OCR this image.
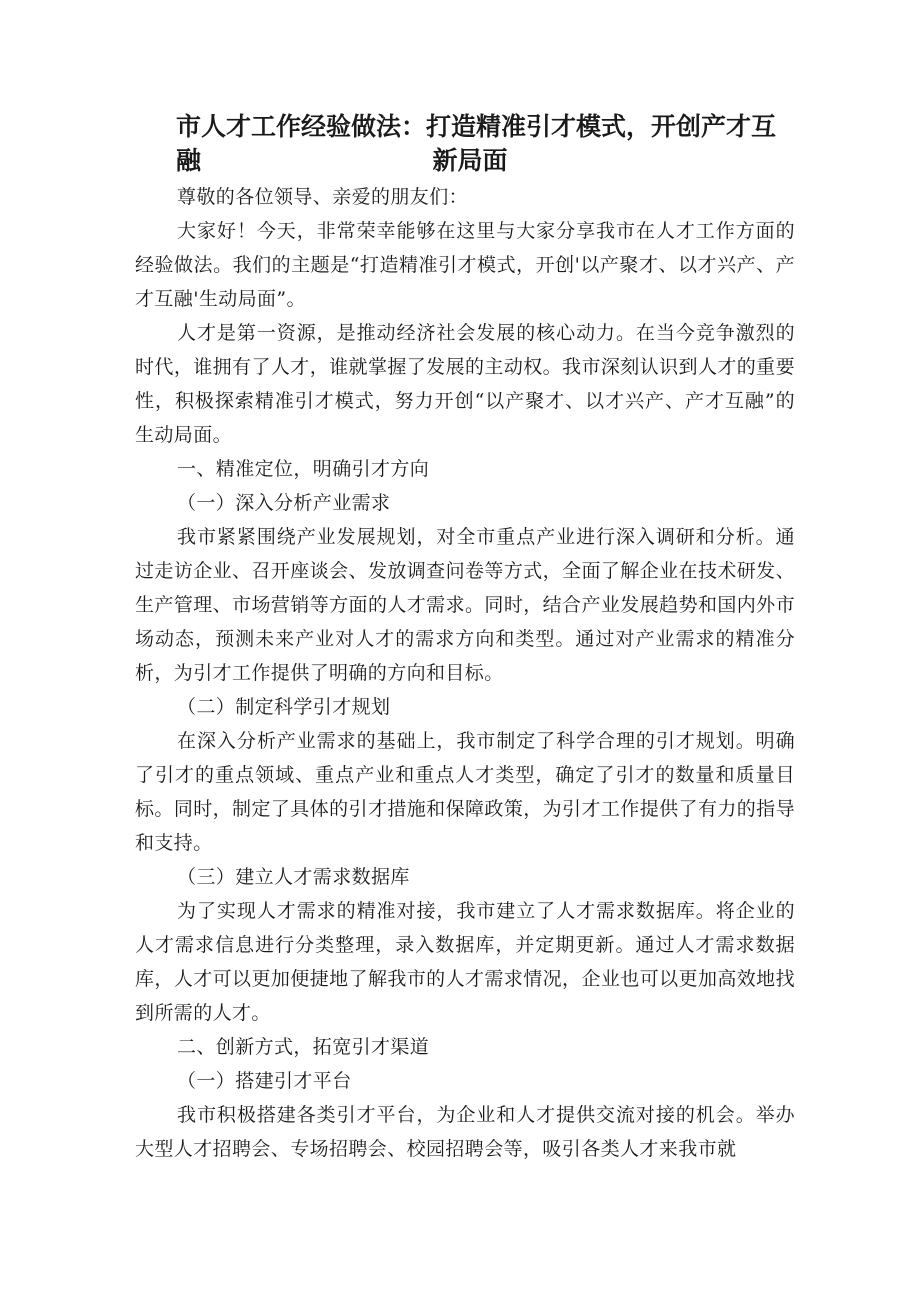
市人才工作经验做法：打造精准引才模式，开创产才互融	新局面

尊敬的各位领导、亲爱的朋友们：

大家好！今天，非常荣幸能够在这里与大家分享我市在人才工作方面的经验做法。我们的主题是“打造精准引才模式，开创'以产聚才、以才兴产、产才互融'生动局面”。

人才是第一资源，是推动经济社会发展的核心动力。在当今竞争激烈的时代，谁拥有了人才，谁就掌握了发展的主动权。我市深刻认识到人才的重要性，积极探索精准引才模式，努力开创“以产聚才、以才兴产、产才互融”的生动局面。

一、精准定位，明确引才方向

（一）深入分析产业需求

我市紧紧围绕产业发展规划，对全市重点产业进行深入调研和分析。通过走访企业、召开座谈会、发放调查问卷等方式，全面了解企业在技术研发、生产管理、市场营销等方面的人才需求。同时，结合产业发展趋势和国内外市场动态，预测未来产业对人才的需求方向和类型。通过对产业需求的精准分析，为引才工作提供了明确的方向和目标。

（二）制定科学引才规划

在深入分析产业需求的基础上，我市制定了科学合理的引才规划。明确了引才的重点领域、重点产业和重点人才类型，确定了引才的数量和质量目标。同时，制定了具体的引才措施和保障政策，为引才工作提供了有力的指导和支持。

（三）建立人才需求数据库

为了实现人才需求的精准对接，我市建立了人才需求数据库。将企业的人才需求信息进行分类整理，录入数据库，并定期更新。通过人才需求数据库，人才可以更加便捷地了解我市的人才需求情况，企业也可以更加高效地找到所需的人才。

二、创新方式，拓宽引才渠道

（一）搭建引才平台

我市积极搭建各类引才平台，为企业和人才提供交流对接的机会。举办大型人才招聘会、专场招聘会、校园招聘会等，吸引各类人才来我市就
